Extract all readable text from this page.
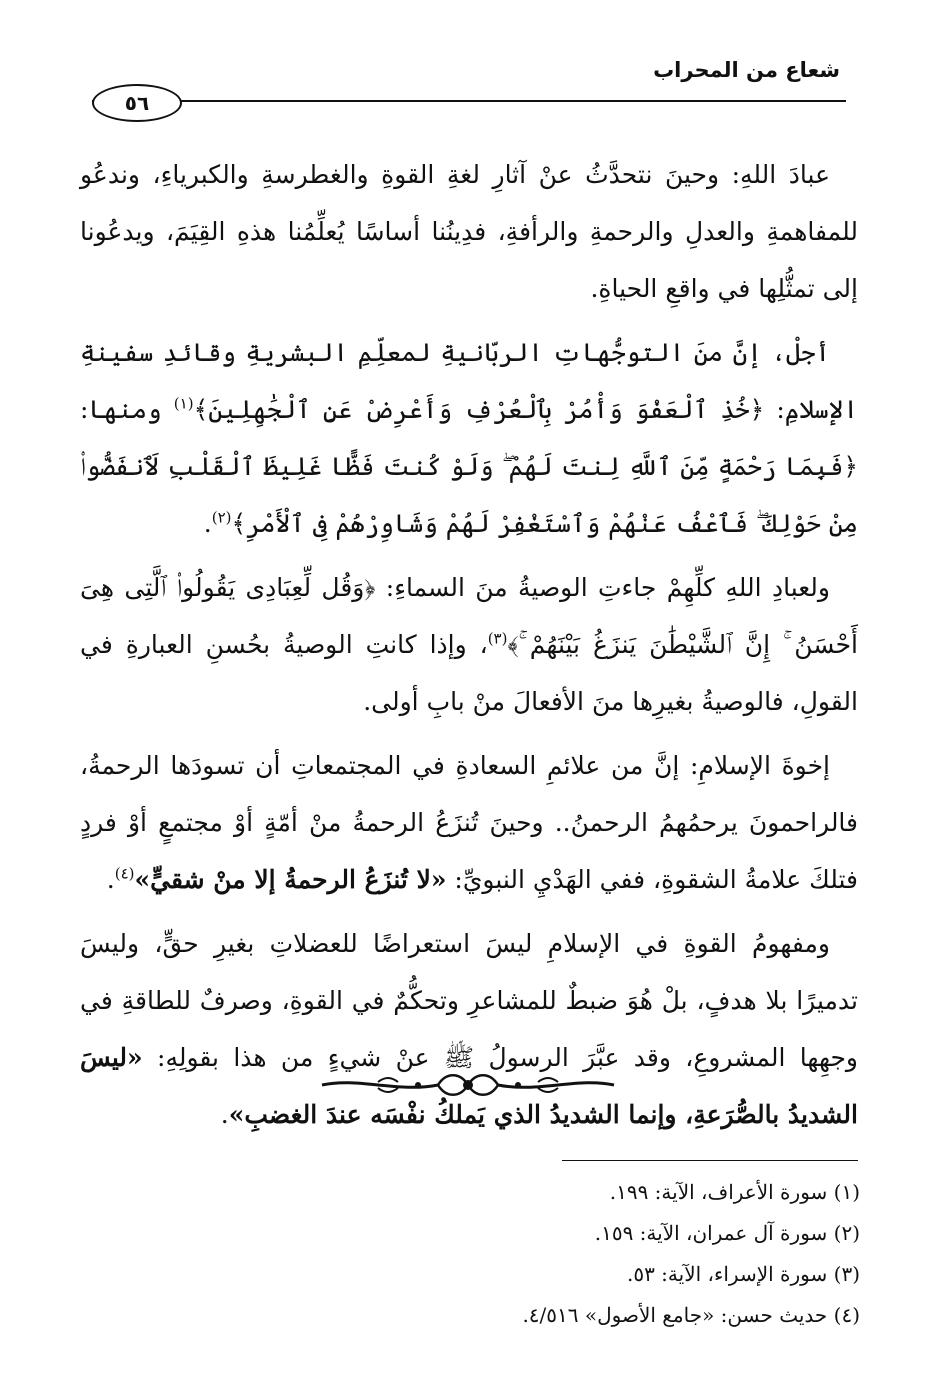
شعاع من المحراب
٥٦

عبادَ اللهِ: وحينَ نتحدَّثُ عنْ آثارِ لغةِ القوةِ والغطرسةِ والكبرياءِ، وندعُو للمفاهمةِ والعدلِ والرحمةِ والرأفةِ، فدِينُنا أساسًا يُعلِّمُنا هذهِ القِيَمَ، ويدعُونا إلى تمثُّلِها في واقعِ الحياةِ.

أجلْ، إنَّ منَ التوجُّهاتِ الربّانيةِ لمعلِّمِ البشريةِ وقائدِ سفينةِ الإسلامِ: ﴿خُذِ ٱلْعَفْوَ وَأْمُرْ بِٱلْعُرْفِ وَأَعْرِضْ عَنِ ٱلْجَٰهِلِينَ﴾$^{(١)}$ ومنها: ﴿فَبِمَا رَحْمَةٍ مِّنَ ٱللَّهِ لِنتَ لَهُمْ ۖ وَلَوْ كُنتَ فَظًّا غَلِيظَ ٱلْقَلْبِ لَٱنفَضُّوا۟ مِنْ حَوْلِكَ ۖ فَٱعْفُ عَنْهُمْ وَٱسْتَغْفِرْ لَهُمْ وَشَاوِرْهُمْ فِى ٱلْأَمْرِ﴾$^{(٢)}$.

ولعبادِ اللهِ كلِّهِمْ جاءتِ الوصيةُ منَ السماءِ: ﴿وَقُل لِّعِبَادِى يَقُولُوا۟ ٱلَّتِى هِىَ أَحْسَنُ ۚ إِنَّ ٱلشَّيْطَٰنَ يَنزَغُ بَيْنَهُمْ ۚ﴾$^{(٣)}$، وإذا كانتِ الوصيةُ بحُسنِ العبارةِ في القولِ، فالوصيةُ بغيرِها منَ الأفعالَ منْ بابِ أولى.

إخوةَ الإسلامِ: إنَّ من علائمِ السعادةِ في المجتمعاتِ أن تسودَها الرحمةُ، فالراحمونَ يرحمُهمُ الرحمنُ.. وحينَ تُنزَعُ الرحمةُ منْ أمّةٍ أوْ مجتمعٍ أوْ فردٍ فتلكَ علامةُ الشقوةِ، ففي الهَدْيِ النبويِّ: «لا تُنزَعُ الرحمةُ إلا منْ شقيٍّ»$^{(٤)}$.

ومفهومُ القوةِ في الإسلامِ ليسَ استعراضًا للعضلاتِ بغيرِ حقٍّ، وليسَ تدميرًا بلا هدفٍ، بلْ هُوَ ضبطٌ للمشاعرِ وتحكُّمٌ في القوةِ، وصرفٌ للطاقةِ في وجهِها المشروعِ، وقد عبَّرَ الرسولُ ﷺ عنْ شيءٍ من هذا بقولِهِ: «ليسَ الشديدُ بالصُّرَعةِ، وإنما الشديدُ الذي يَملكُ نفْسَه عندَ الغضبِ».

(١) سورة الأعراف، الآية: ١٩٩.

(٢) سورة آل عمران، الآية: ١٥٩.

(٣) سورة الإسراء، الآية: ٥٣.

(٤) حديث حسن: «جامع الأصول» ٤/٥١٦.
